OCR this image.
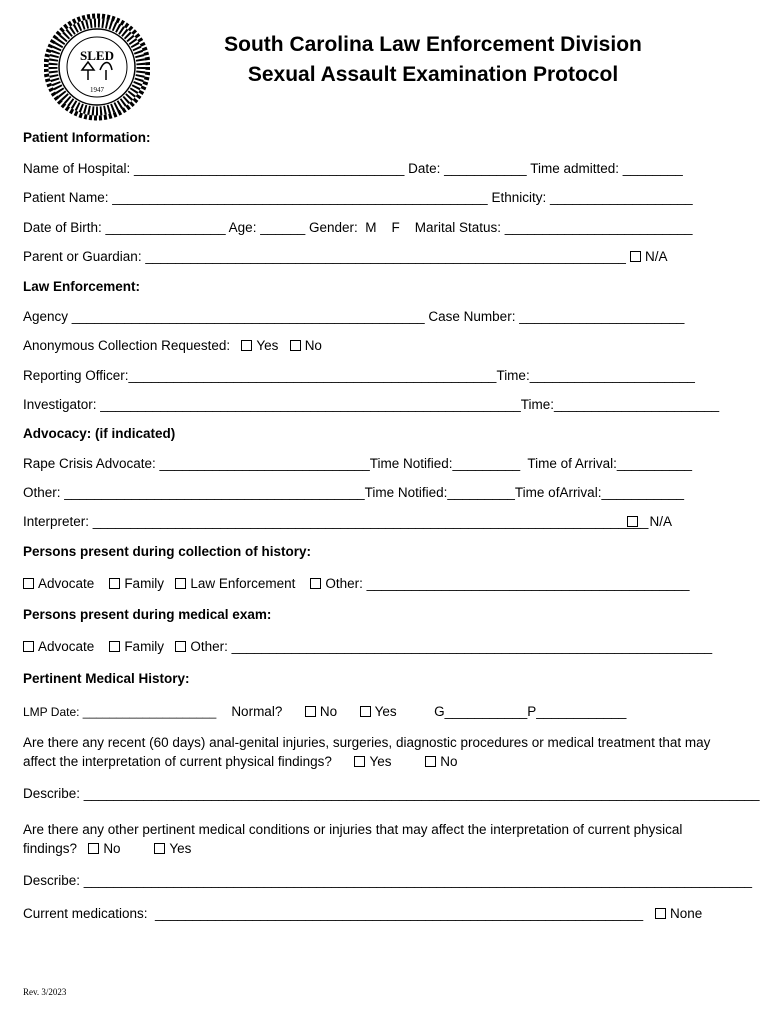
SLED
1947
South Carolina Law Enforcement Division
Sexual Assault Examination Protocol
Patient Information:
Name of Hospital: ____________________________________ Date: ___________ Time admitted: ________
Patient Name: __________________________________________________ Ethnicity: ___________________
Date of Birth: ________________ Age: ______ Gender:  M    F    Marital Status: _________________________
Parent or Guardian: ________________________________________________________________	N/A
Law Enforcement:
Agency _______________________________________________ Case Number: ______________________
Anonymous Collection Requested: Yes No
Reporting Officer:_________________________________________________Time:______________________
Investigator: ________________________________________________________Time:______________________
Advocacy: (if indicated)
Rape Crisis Advocate: ____________________________Time Notified:_________  Time of Arrival:__________
Other: ________________________________________Time Notified:_________Time ofArrival:___________
Interpreter: __________________________________________________________________________ N/A
Persons present during collection of history:
Advocate Family Law Enforcement Other: ___________________________________________
Persons present during medical exam:
Advocate Family Other: ________________________________________________________________
Pertinent Medical History:
LMP Date: ____________________ Normal?	No	Yes	G___________P____________
Are there any recent (60 days) anal-genital injuries, surgeries, diagnostic procedures or medical treatment that may
affect the interpretation of current physical findings?	Yes	No
Describe: __________________________________________________________________________________________
Are there any other pertinent medical conditions or injuries that may affect the interpretation of current physical
findings? No	Yes
Describe: _________________________________________________________________________________________
Current medications:  _________________________________________________________________	None
Rev. 3/2023
